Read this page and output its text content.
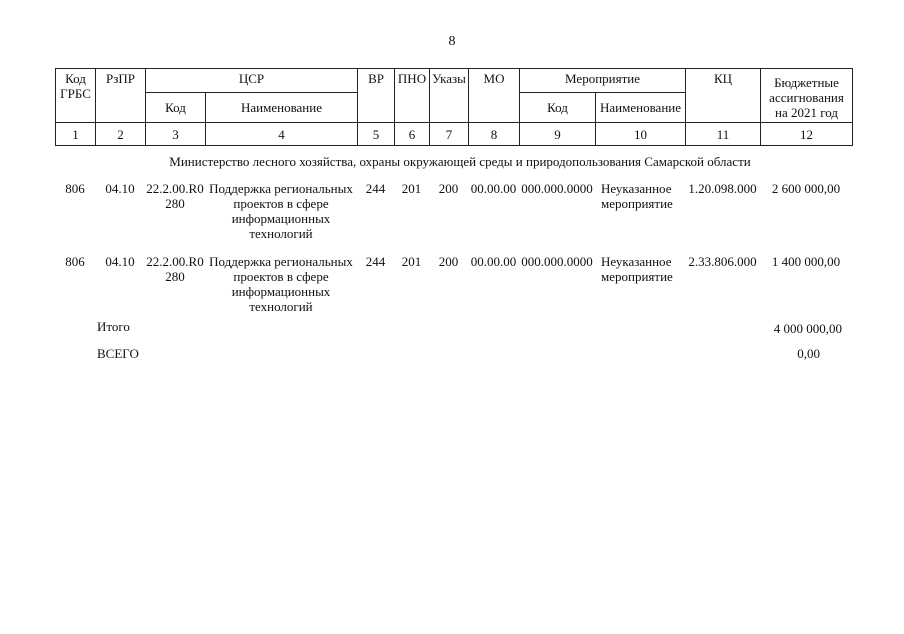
8
Код
ГРБС	РзПР	ЦСР		ВР	ПНО	Указы	МО	Мероприятие		КЦ	Бюджетные
ассигнования
на 2021 год
		Код	Наименование					Код	Наименование		
1	2	3	4	5	6	7	8	9	10	11	12
Министерство лесного хозяйства, охраны окружающей среды и природопользования Самарской области
806	04.10	22.2.00.R0280	Поддержка региональных проектов в сфере информационных технологий	244	201	200	00.00.00	000.000.0000	Неуказанное мероприятие	1.20.098.000	2 600 000,00

806	04.10	22.2.00.R0280	Поддержка региональных проектов в сфере информационных технологий	244	201	200	00.00.00	000.000.0000	Неуказанное мероприятие	2.33.806.000	1 400 000,00
Итого	4 000 000,00
ВСЕГО	0,00
